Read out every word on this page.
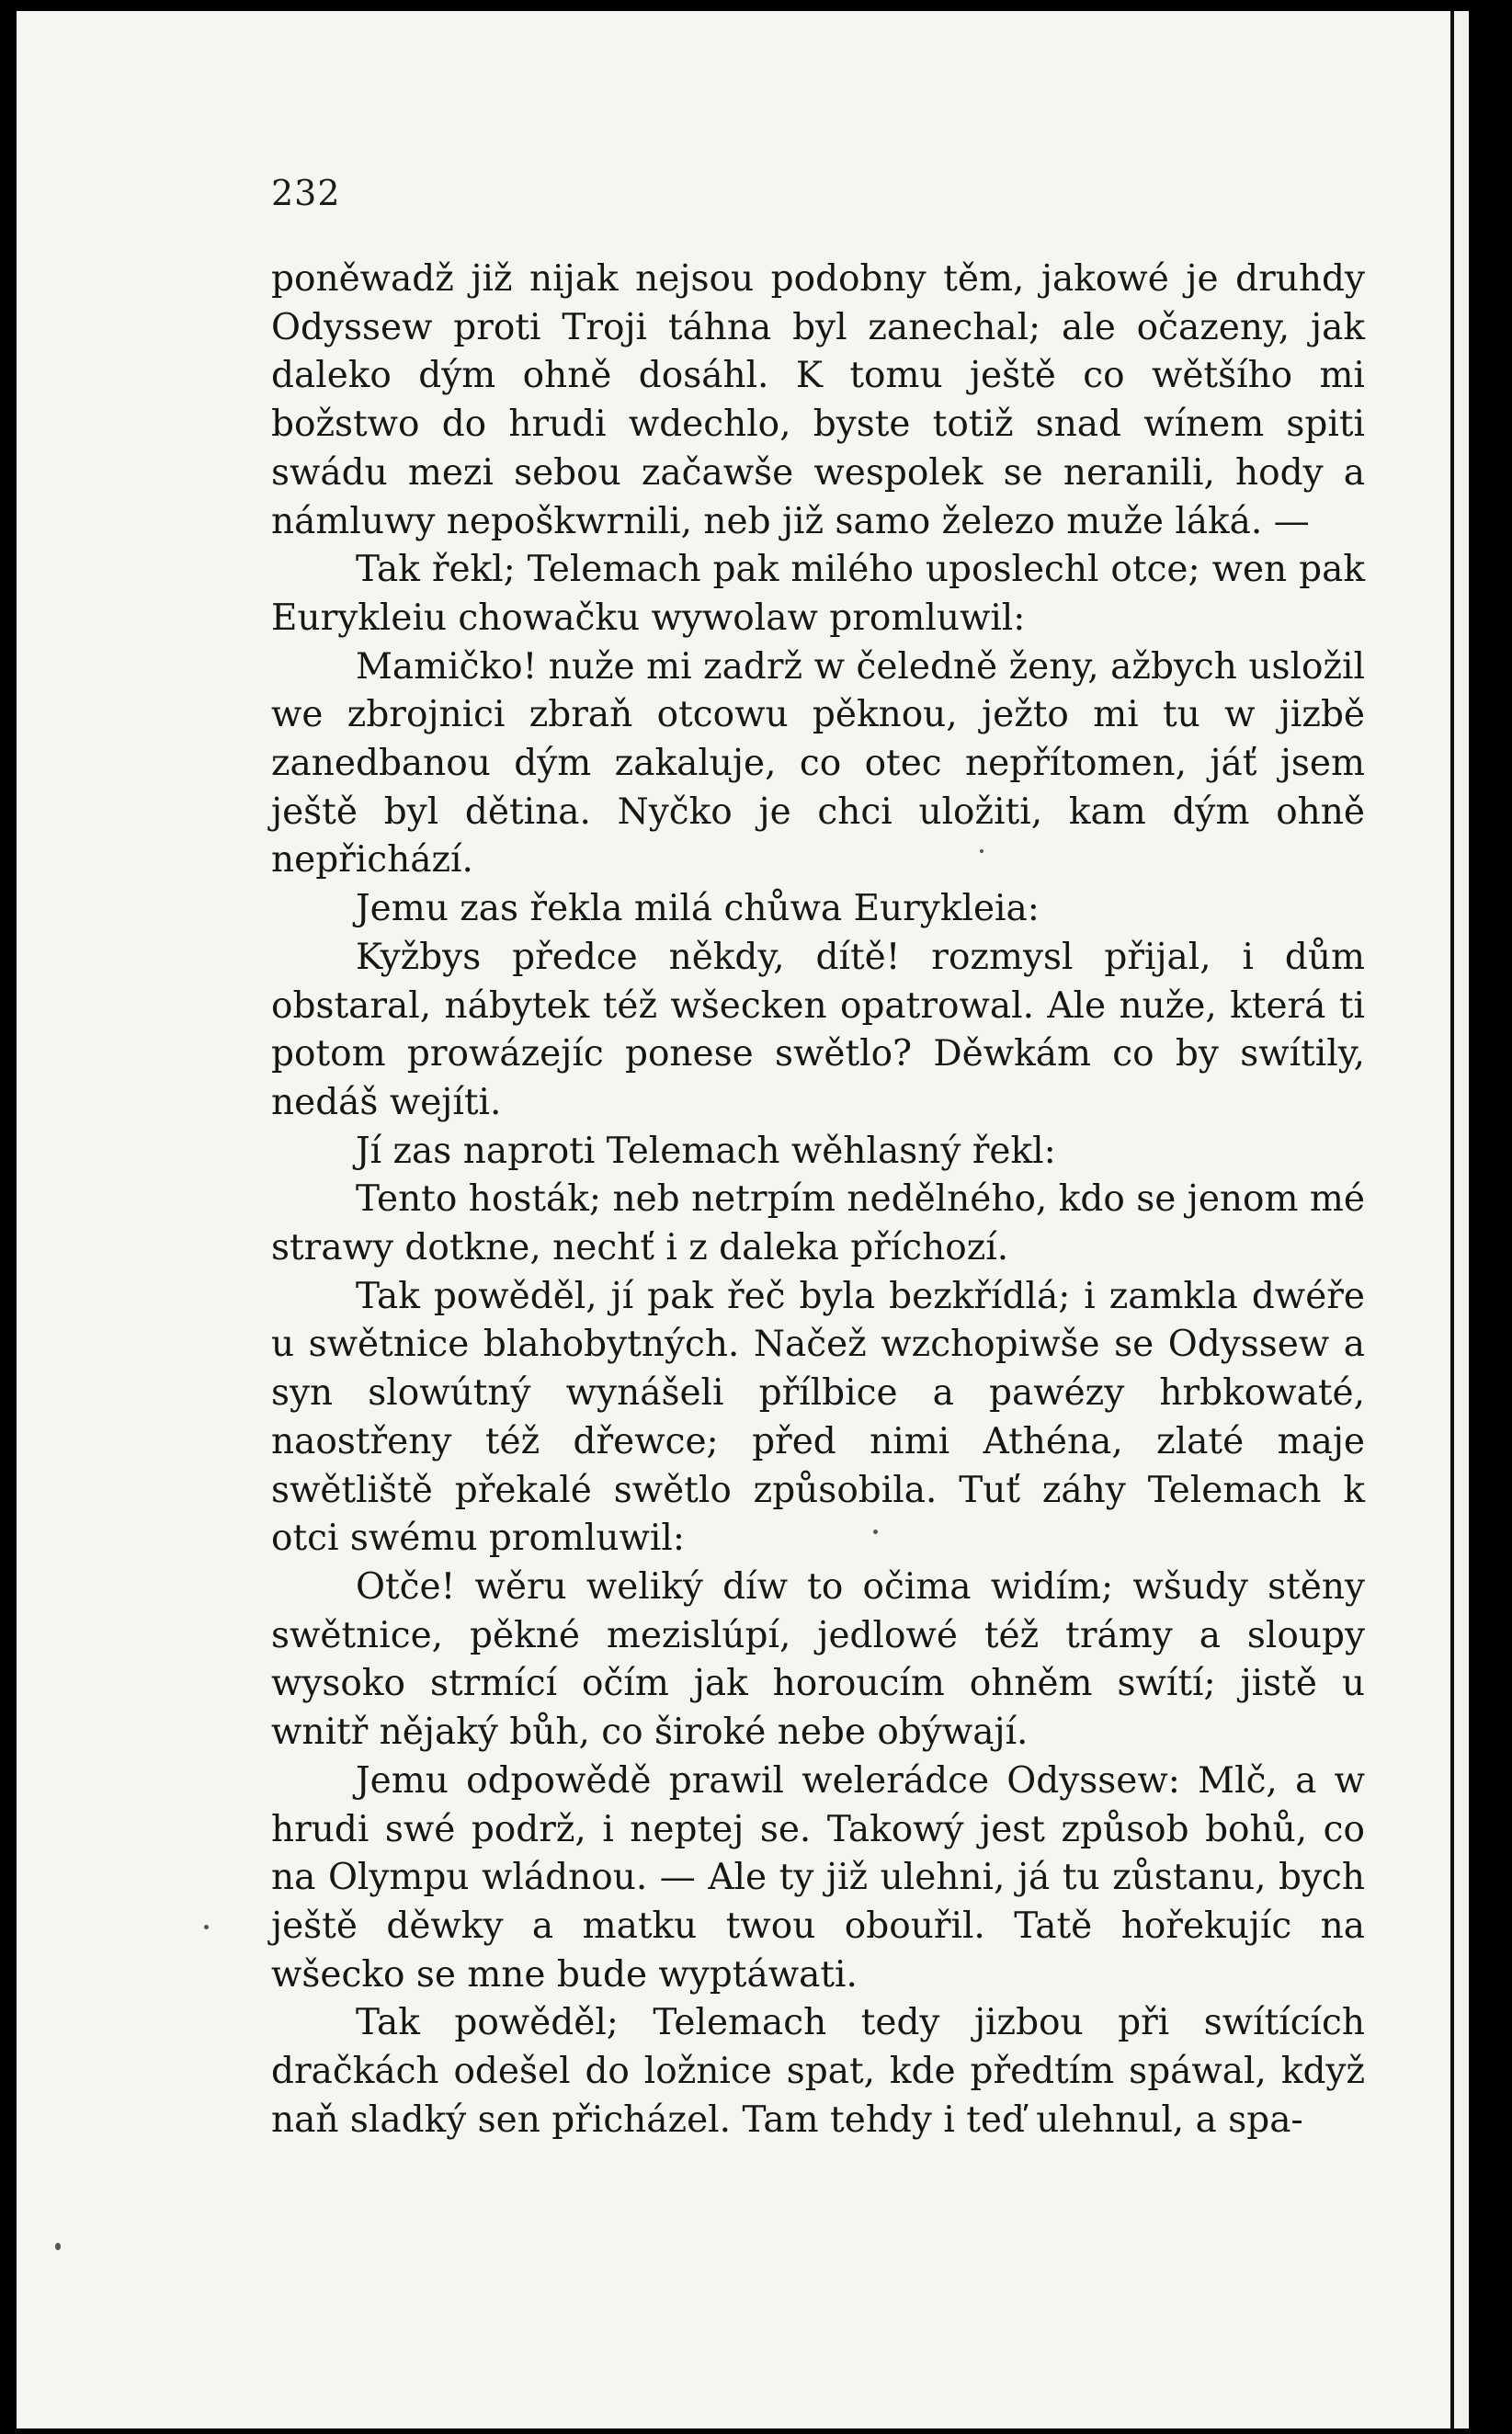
232

poněwadž již nijak nejsou podobny těm, jakowé je druhdy Odyssew proti Troji táhna byl zanechal; ale očazeny, jak daleko dým ohně dosáhl. K tomu ještě co wětšího mi božstwo do hrudi wdechlo, byste totiž snad wínem spiti swádu mezi sebou začawše wespolek se neranili, hody a námluwy nepoškwrnili, neb již samo železo muže láká. —

Tak řekl; Telemach pak milého uposlechl otce; wen pak Eurykleiu chowačku wywolaw promluwil:

Mamičko! nuže mi zadrž w čeledně ženy, ažbych usložil we zbrojnici zbraň otcowu pěknou, ježto mi tu w jizbě zanedbanou dým zakaluje, co otec nepřítomen, jáť jsem ještě byl dětina. Nyčko je chci uložiti, kam dým ohně nepřichází.

Jemu zas řekla milá chůwa Eurykleia:

Kyžbys předce někdy, dítě! rozmysl přijal, i dům obstaral, nábytek též wšecken opatrowal. Ale nuže, která ti potom prowázejíc ponese swětlo? Děwkám co by swítily, nedáš wejíti.

Jí zas naproti Telemach wěhlasný řekl:

Tento hosták; neb netrpím nedělného, kdo se jenom mé strawy dotkne, nechť i z daleka příchozí.

Tak powěděl, jí pak řeč byla bezkřídlá; i zamkla dwéře u swětnice blahobytných. Načež wzchopiwše se Odyssew a syn slowútný wynášeli přílbice a pawézy hrbkowaté, naostřeny též dřewce; před nimi Athéna, zlaté maje swětliště překalé swětlo způsobila. Tuť záhy Telemach k otci swému promluwil:

Otče! wěru weliký díw to očima widím; wšudy stěny swětnice, pěkné mezislúpí, jedlowé též trámy a sloupy wysoko strmící očím jak horoucím ohněm swítí; jistě u wnitř nějaký bůh, co široké nebe obýwají.

Jemu odpowědě prawil welerádce Odyssew: Mlč, a w hrudi swé podrž, i neptej se. Takowý jest způsob bohů, co na Olympu wládnou. — Ale ty již ulehni, já tu zůstanu, bych ještě děwky a matku twou obouřil. Tatě hořekujíc na wšecko se mne bude wyptáwati.

Tak powěděl; Telemach tedy jizbou při swítících dračkách odešel do ložnice spat, kde předtím spáwal, když naň sladký sen přicházel. Tam tehdy i teď ulehnul, a spa-
